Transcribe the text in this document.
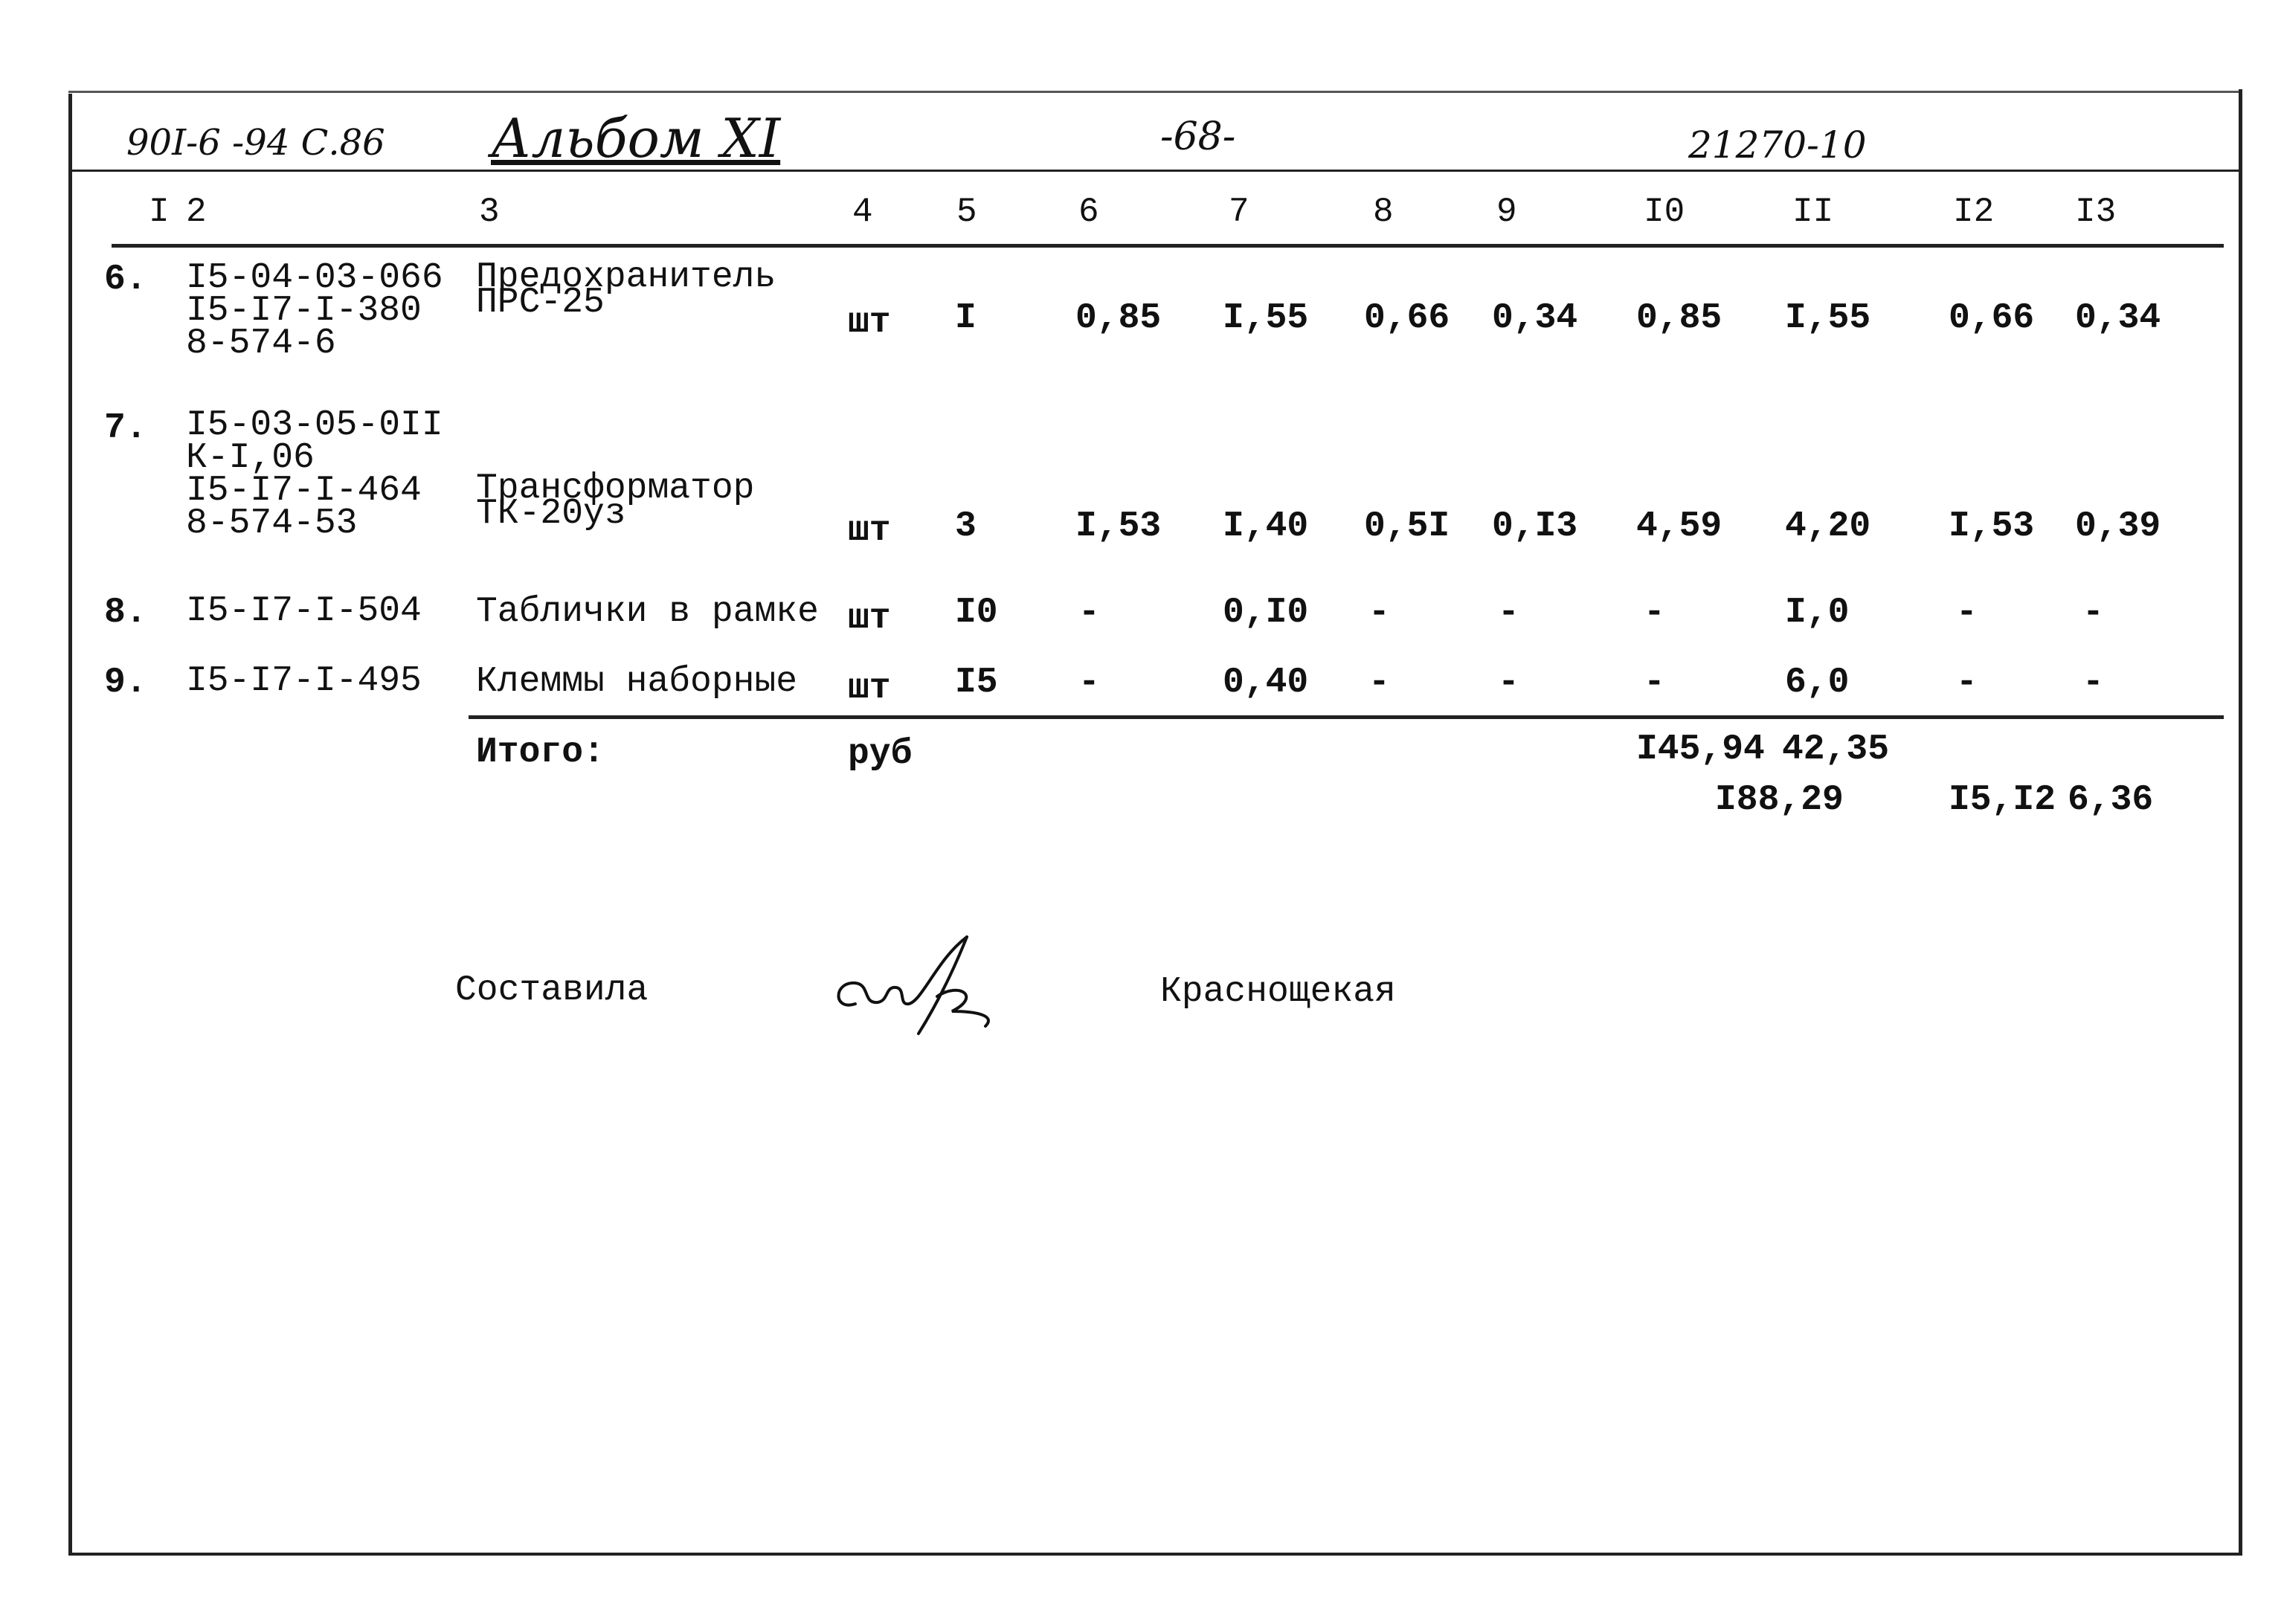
90I-6 -94 С.86 Альбом XI	-68-	21270-10
I 2	3	4 5	6	7	8	9	I0	II	I2 I3
6. I5-04-03-066
I5-I7-I-380
8-574-6
Предохранитель
ПРС-25	шт I	0,85 I,55 0,66 0,34 0,85 I,55 0,66 0,34
7. I5-03-05-0II
К-I,06
I5-I7-I-464
8-574-53
Трансформатор
ТК-20уз	шт 3	I,53 I,40 0,5I 0,I3 4,59 4,20 I,53 0,39
8. I5-I7-I-504 Таблички в рамке шт I0 -	0,I0 -	-	-	I,0	-	-
9. I5-I7-I-495 Клеммы наборные шт I5 -	0,40 -	-	-	6,0	-	-
Итого:	руб	I45,94 42,35
I88,29	I5,I2 6,36
Составила	Краснощекая
